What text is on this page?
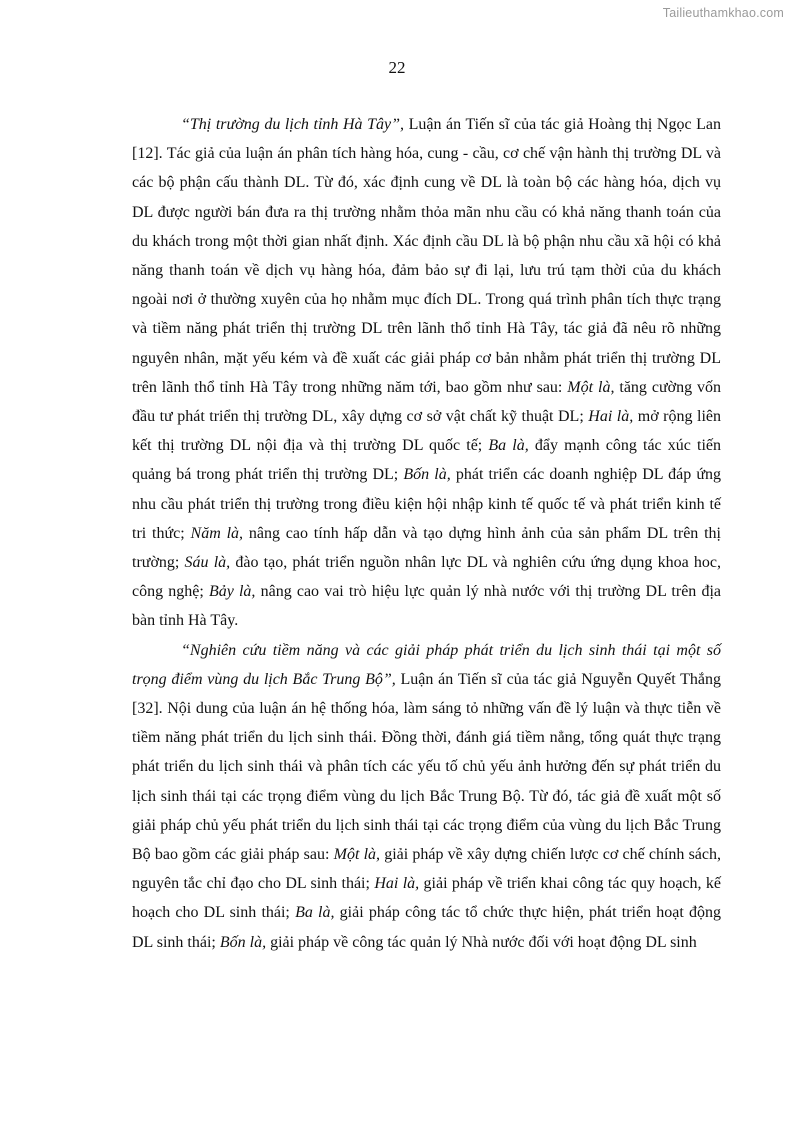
Tailieuthamkhao.com
22

“Thị trường du lịch tỉnh Hà Tây”, Luận án Tiến sĩ của tác giả Hoàng thị Ngọc Lan [12]. Tác giả của luận án phân tích hàng hóa, cung - cầu, cơ chế vận hành thị trường DL và các bộ phận cấu thành DL. Từ đó, xác định cung về DL là toàn bộ các hàng hóa, dịch vụ DL được người bán đưa ra thị trường nhằm thỏa mãn nhu cầu có khả năng thanh toán của du khách trong một thời gian nhất định. Xác định cầu DL là bộ phận nhu cầu xã hội có khả năng thanh toán về dịch vụ hàng hóa, đảm bảo sự đi lại, lưu trú tạm thời của du khách ngoài nơi ở thường xuyên của họ nhằm mục đích DL. Trong quá trình phân tích thực trạng và tiềm năng phát triển thị trường DL trên lãnh thổ tỉnh Hà Tây, tác giả đã nêu rõ những nguyên nhân, mặt yếu kém và đề xuất các giải pháp cơ bản nhằm phát triển thị trường DL trên lãnh thổ tỉnh Hà Tây trong những năm tới, bao gồm như sau: Một là, tăng cường vốn đầu tư phát triển thị trường DL, xây dựng cơ sở vật chất kỹ thuật DL; Hai là, mở rộng liên kết thị trường DL nội địa và thị trường DL quốc tế; Ba là, đẩy mạnh công tác xúc tiến quảng bá trong phát triển thị trường DL; Bốn là, phát triển các doanh nghiệp DL đáp ứng nhu cầu phát triển thị trường trong điều kiện hội nhập kinh tế quốc tế và phát triển kinh tế tri thức; Năm là, nâng cao tính hấp dẫn và tạo dựng hình ảnh của sản phẩm DL trên thị trường; Sáu là, đào tạo, phát triển nguồn nhân lực DL và nghiên cứu ứng dụng khoa hoc, công nghệ; Bảy là, nâng cao vai trò hiệu lực quản lý nhà nước với thị trường DL trên địa bàn tỉnh Hà Tây.

“Nghiên cứu tiềm năng và các giải pháp phát triển du lịch sinh thái tại một số trọng điểm vùng du lịch Bắc Trung Bộ”, Luận án Tiến sĩ của tác giả Nguyễn Quyết Thắng [32]. Nội dung của luận án hệ thống hóa, làm sáng tỏ những vấn đề lý luận và thực tiễn về tiềm năng phát triển du lịch sinh thái. Đồng thời, đánh giá tiềm nẳng, tổng quát thực trạng phát triển du lịch sinh thái và phân tích các yếu tố chủ yếu ảnh hưởng đến sự phát triển du lịch sinh thái tại các trọng điểm vùng du lịch Bắc Trung Bộ. Từ đó, tác giả đề xuất một số giải pháp chủ yếu phát triển du lịch sinh thái tại các trọng điểm của vùng du lịch Bắc Trung Bộ bao gồm các giải pháp sau: Một là, giải pháp về xây dựng chiến lược cơ chế chính sách, nguyên tắc chỉ đạo cho DL sinh thái; Hai là, giải pháp về triển khai công tác quy hoạch, kế hoạch cho DL sinh thái; Ba là, giải pháp công tác tổ chức thực hiện, phát triển hoạt động DL sinh thái; Bốn là, giải pháp về công tác quản lý Nhà nước đối với hoạt động DL sinh
